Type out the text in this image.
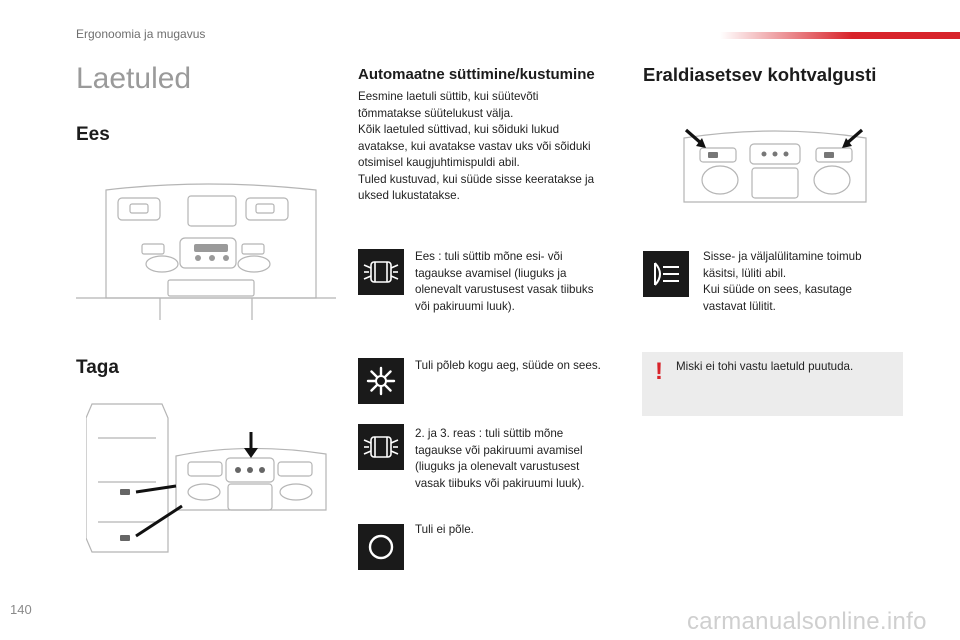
Ergonoomia ja mugavus
Laetuled
Ees
Taga
Automaatne süttimine/kustumine

Eesmine laetuli süttib, kui süütevõti

tõmmatakse süütelukust välja.

Kõik laetuled süttivad, kui sõiduki lukud

avatakse, kui avatakse vastav uks või sõiduki

otsimisel kaugjuhtimispuldi abil.

Tuled kustuvad, kui süüde sisse keeratakse ja

uksed lukustatakse.

Ees : tuli süttib mõne esi- või

tagaukse avamisel (liuguks ja

olenevalt varustusest vasak tiibuks

või pakiruumi luuk).

Tuli põleb kogu aeg, süüde on sees.

2. ja 3. reas : tuli süttib mõne

tagaukse või pakiruumi avamisel

(liuguks ja olenevalt varustusest

vasak tiibuks või pakiruumi luuk).

Tuli ei põle.

Eraldiasetsev kohtvalgusti

Sisse- ja väljalülitamine toimub

käsitsi, lüliti abil.

Kui süüde on sees, kasutage

vastavat lülitit.

! Miski ei tohi vastu laetuld puutuda.
140	carmanualsonline.info
